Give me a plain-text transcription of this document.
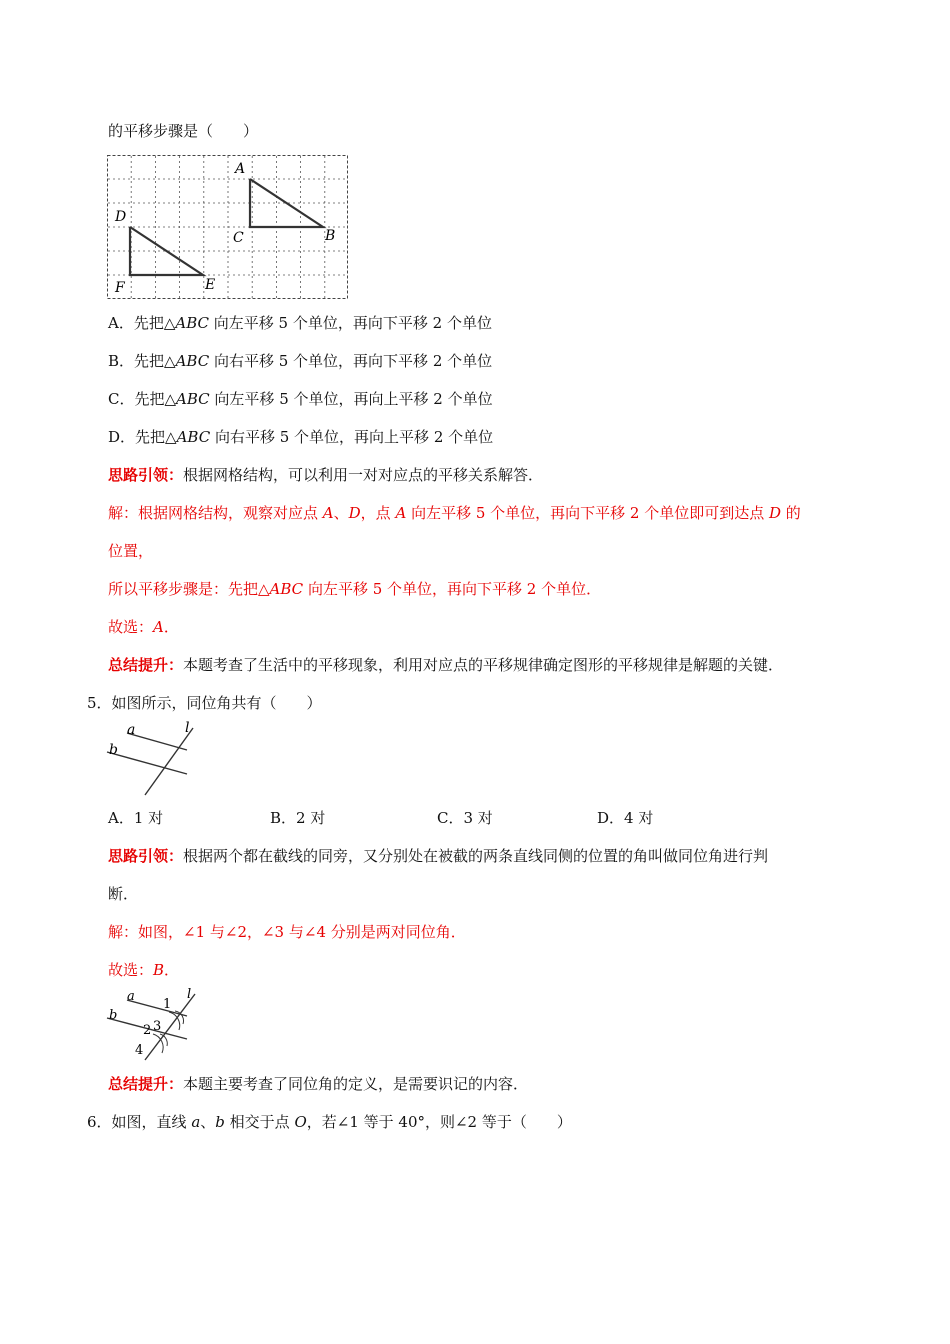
的平移步骤是（　　）
A
B
C
D
E
F
A．先把△ABC 向左平移 5 个单位，再向下平移 2 个单位
B．先把△ABC 向右平移 5 个单位，再向下平移 2 个单位
C．先把△ABC 向左平移 5 个单位，再向上平移 2 个单位
D．先把△ABC 向右平移 5 个单位，再向上平移 2 个单位
思路引领：根据网格结构，可以利用一对对应点的平移关系解答．
解：根据网格结构，观察对应点 A、D，点 A 向左平移 5 个单位，再向下平移 2 个单位即可到达点 D 的
位置，
所以平移步骤是：先把△ABC 向左平移 5 个单位，再向下平移 2 个单位．
故选：A．
总结提升：本题考查了生活中的平移现象，利用对应点的平移规律确定图形的平移规律是解题的关键．
5．如图所示，同位角共有（　　）
a
b
l
A．1 对	B．2 对	C．3 对	D．4 对
思路引领：根据两个都在截线的同旁，又分别处在被截的两条直线同侧的位置的角叫做同位角进行判
断．
解：如图，∠1 与∠2，∠3 与∠4 分别是两对同位角．
故选：B．
a
b
l
1
2 3
4
总结提升：本题主要考查了同位角的定义，是需要识记的内容．
6．如图，直线 a、b 相交于点 O，若∠1 等于 40°，则∠2 等于（　　）
